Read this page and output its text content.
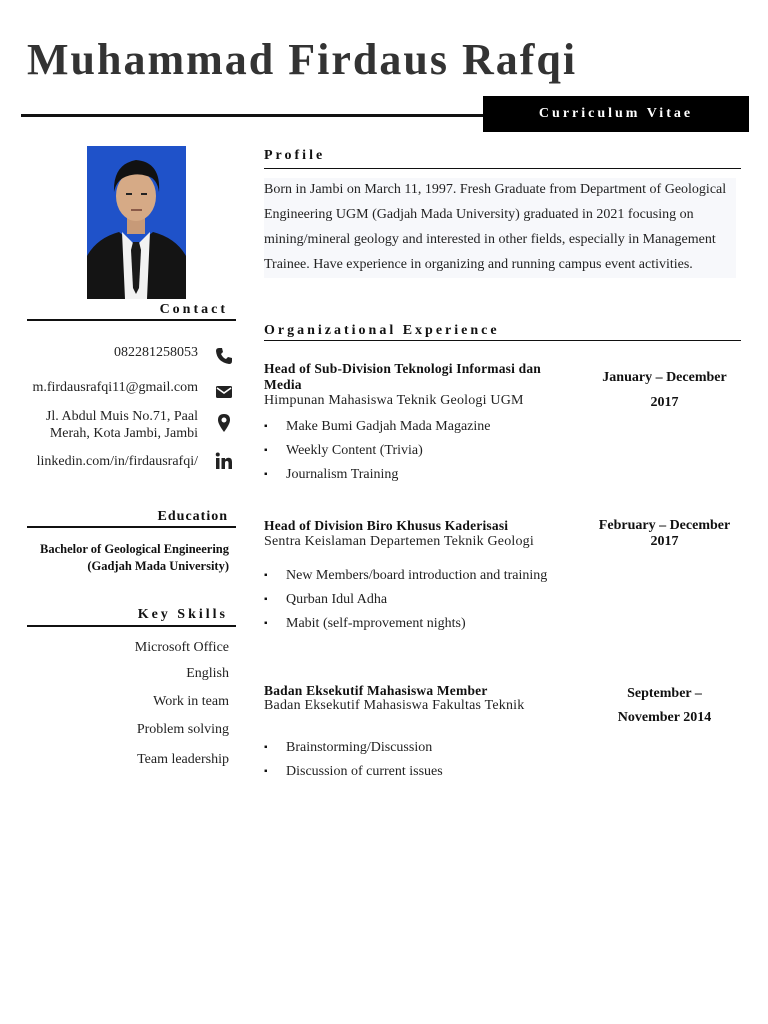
Muhammad Firdaus Rafqi
Curriculum Vitae
Contact
082281258053
m.firdausrafqi11@gmail.com
Jl. Abdul Muis No.71, Paal Merah, Kota Jambi, Jambi
linkedin.com/in/firdausrafqi/
Education
Bachelor of Geological Engineering
(Gadjah Mada University)
Key Skills
Microsoft Office
English
Work in team
Problem solving
Team leadership
Profile
Born in Jambi on March 11, 1997. Fresh Graduate from Department of Geological Engineering UGM (Gadjah Mada University) graduated in 2021 focusing on mining/mineral geology and interested in other fields, especially in Management Trainee. Have experience in organizing and running campus event activities.
Organizational Experience
Head of Sub-Division Teknologi Informasi dan Media
Himpunan Mahasiswa Teknik Geologi UGM
January – December
2017
▪ Make Bumi Gadjah Mada Magazine
▪ Weekly Content (Trivia)
▪ Journalism Training
Head of Division Biro Khusus Kaderisasi
Sentra Keislaman Departemen Teknik Geologi
February – December
2017
▪ New Members/board introduction and training
▪ Qurban Idul Adha
▪ Mabit (self-mprovement nights)
Badan Eksekutif Mahasiswa Member
Badan Eksekutif Mahasiswa Fakultas Teknik
September –
November 2014
▪ Brainstorming/Discussion
▪ Discussion of current issues
